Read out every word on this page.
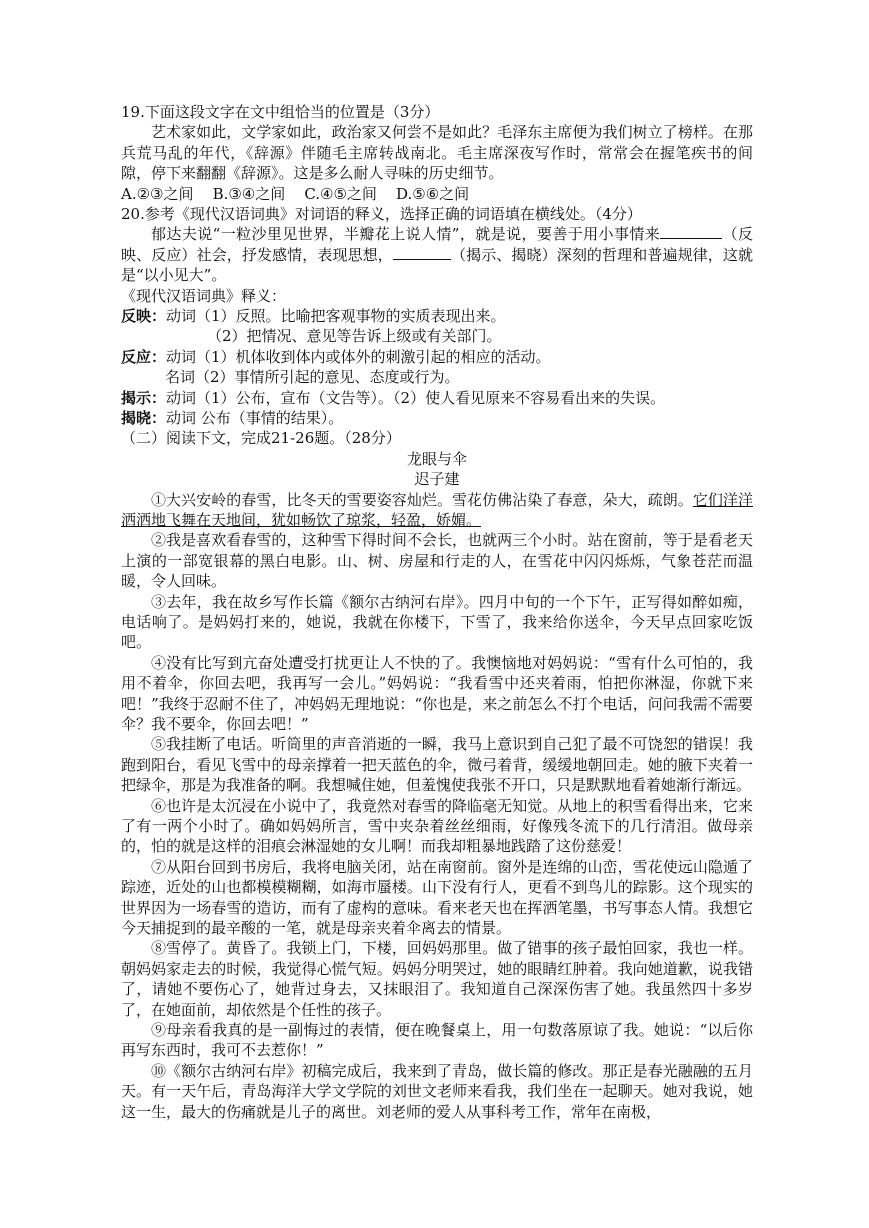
19.下面这段文字在文中组恰当的位置是（3分）
艺术家如此，文学家如此，政治家又何尝不是如此？毛泽东主席便为我们树立了榜样。在那兵荒马乱的年代，《辞源》伴随毛主席转战南北。毛主席深夜写作时，常常会在握笔疾书的间隙，停下来翻翻《辞源》。这是多么耐人寻味的历史细节。
A.②③之间    B.③④之间    C.④⑤之间    D.⑤⑥之间
20.参考《现代汉语词典》对词语的释义，选择正确的词语填在横线处。（4分）
郁达夫说“一粒沙里见世界，半瓣花上说人情”，就是说，要善于用小事情来	（反映、反应）社会，抒发感情，表现思想，	（揭示、揭晓）深刻的哲理和普遍规律，这就是“以小见大”。
《现代汉语词典》释义：
反映：动词（1）反照。比喻把客观事物的实质表现出来。
（2）把情况、意见等告诉上级或有关部门。
反应：动词（1）机体收到体内或体外的刺激引起的相应的活动。
名词（2）事情所引起的意见、态度或行为。
揭示：动词（1）公布，宣布（文告等）。（2）使人看见原来不容易看出来的失误。
揭晓：动词 公布（事情的结果）。
（二）阅读下文，完成21-26题。（28分）
龙眼与伞
迟子建
①大兴安岭的春雪，比冬天的雪要姿容灿烂。雪花仿佛沾染了春意，朵大，疏朗。它们洋洋洒洒地飞舞在天地间，犹如畅饮了琼浆，轻盈，娇媚。
②我是喜欢看春雪的，这种雪下得时间不会长，也就两三个小时。站在窗前，等于是看老天上演的一部宽银幕的黑白电影。山、树、房屋和行走的人，在雪花中闪闪烁烁，气象苍茫而温暖，令人回味。
③去年，我在故乡写作长篇《额尔古纳河右岸》。四月中旬的一个下午，正写得如醉如痴，电话响了。是妈妈打来的，她说，我就在你楼下，下雪了，我来给你送伞，今天早点回家吃饭吧。
④没有比写到亢奋处遭受打扰更让人不快的了。我懊恼地对妈妈说：“雪有什么可怕的，我用不着伞，你回去吧，我再写一会儿。”妈妈说：“我看雪中还夹着雨，怕把你淋湿，你就下来吧！”我终于忍耐不住了，冲妈妈无理地说：“你也是，来之前怎么不打个电话，问问我需不需要伞？我不要伞，你回去吧！”
⑤我挂断了电话。听筒里的声音消逝的一瞬，我马上意识到自己犯了最不可饶恕的错误！我跑到阳台，看见飞雪中的母亲撑着一把天蓝色的伞，微弓着背，缓缓地朝回走。她的腋下夹着一把绿伞，那是为我准备的啊。我想喊住她，但羞愧使我张不开口，只是默默地看着她渐行渐远。
⑥也许是太沉浸在小说中了，我竟然对春雪的降临毫无知觉。从地上的积雪看得出来，它来了有一两个小时了。确如妈妈所言，雪中夹杂着丝丝细雨，好像残冬流下的几行清泪。做母亲的，怕的就是这样的泪痕会淋湿她的女儿啊！而我却粗暴地践踏了这份慈爱！
⑦从阳台回到书房后，我将电脑关闭，站在南窗前。窗外是连绵的山峦，雪花使远山隐遁了踪迹，近处的山也都模模糊糊，如海市蜃楼。山下没有行人，更看不到鸟儿的踪影。这个现实的世界因为一场春雪的造访，而有了虚构的意味。看来老天也在挥洒笔墨，书写事态人情。我想它今天捕捉到的最辛酸的一笔，就是母亲夹着伞离去的情景。
⑧雪停了。黄昏了。我锁上门，下楼，回妈妈那里。做了错事的孩子最怕回家，我也一样。朝妈妈家走去的时候，我觉得心慌气短。妈妈分明哭过，她的眼睛红肿着。我向她道歉，说我错了，请她不要伤心了，她背过身去，又抹眼泪了。我知道自己深深伤害了她。我虽然四十多岁了，在她面前，却依然是个任性的孩子。
⑨母亲看我真的是一副悔过的表情，便在晚餐桌上，用一句数落原谅了我。她说：“以后你再写东西时，我可不去惹你！”
⑩《额尔古纳河右岸》初稿完成后，我来到了青岛，做长篇的修改。那正是春光融融的五月天。有一天午后，青岛海洋大学文学院的刘世文老师来看我，我们坐在一起聊天。她对我说，她这一生，最大的伤痛就是儿子的离世。刘老师的爱人从事科考工作，常年在南极，
